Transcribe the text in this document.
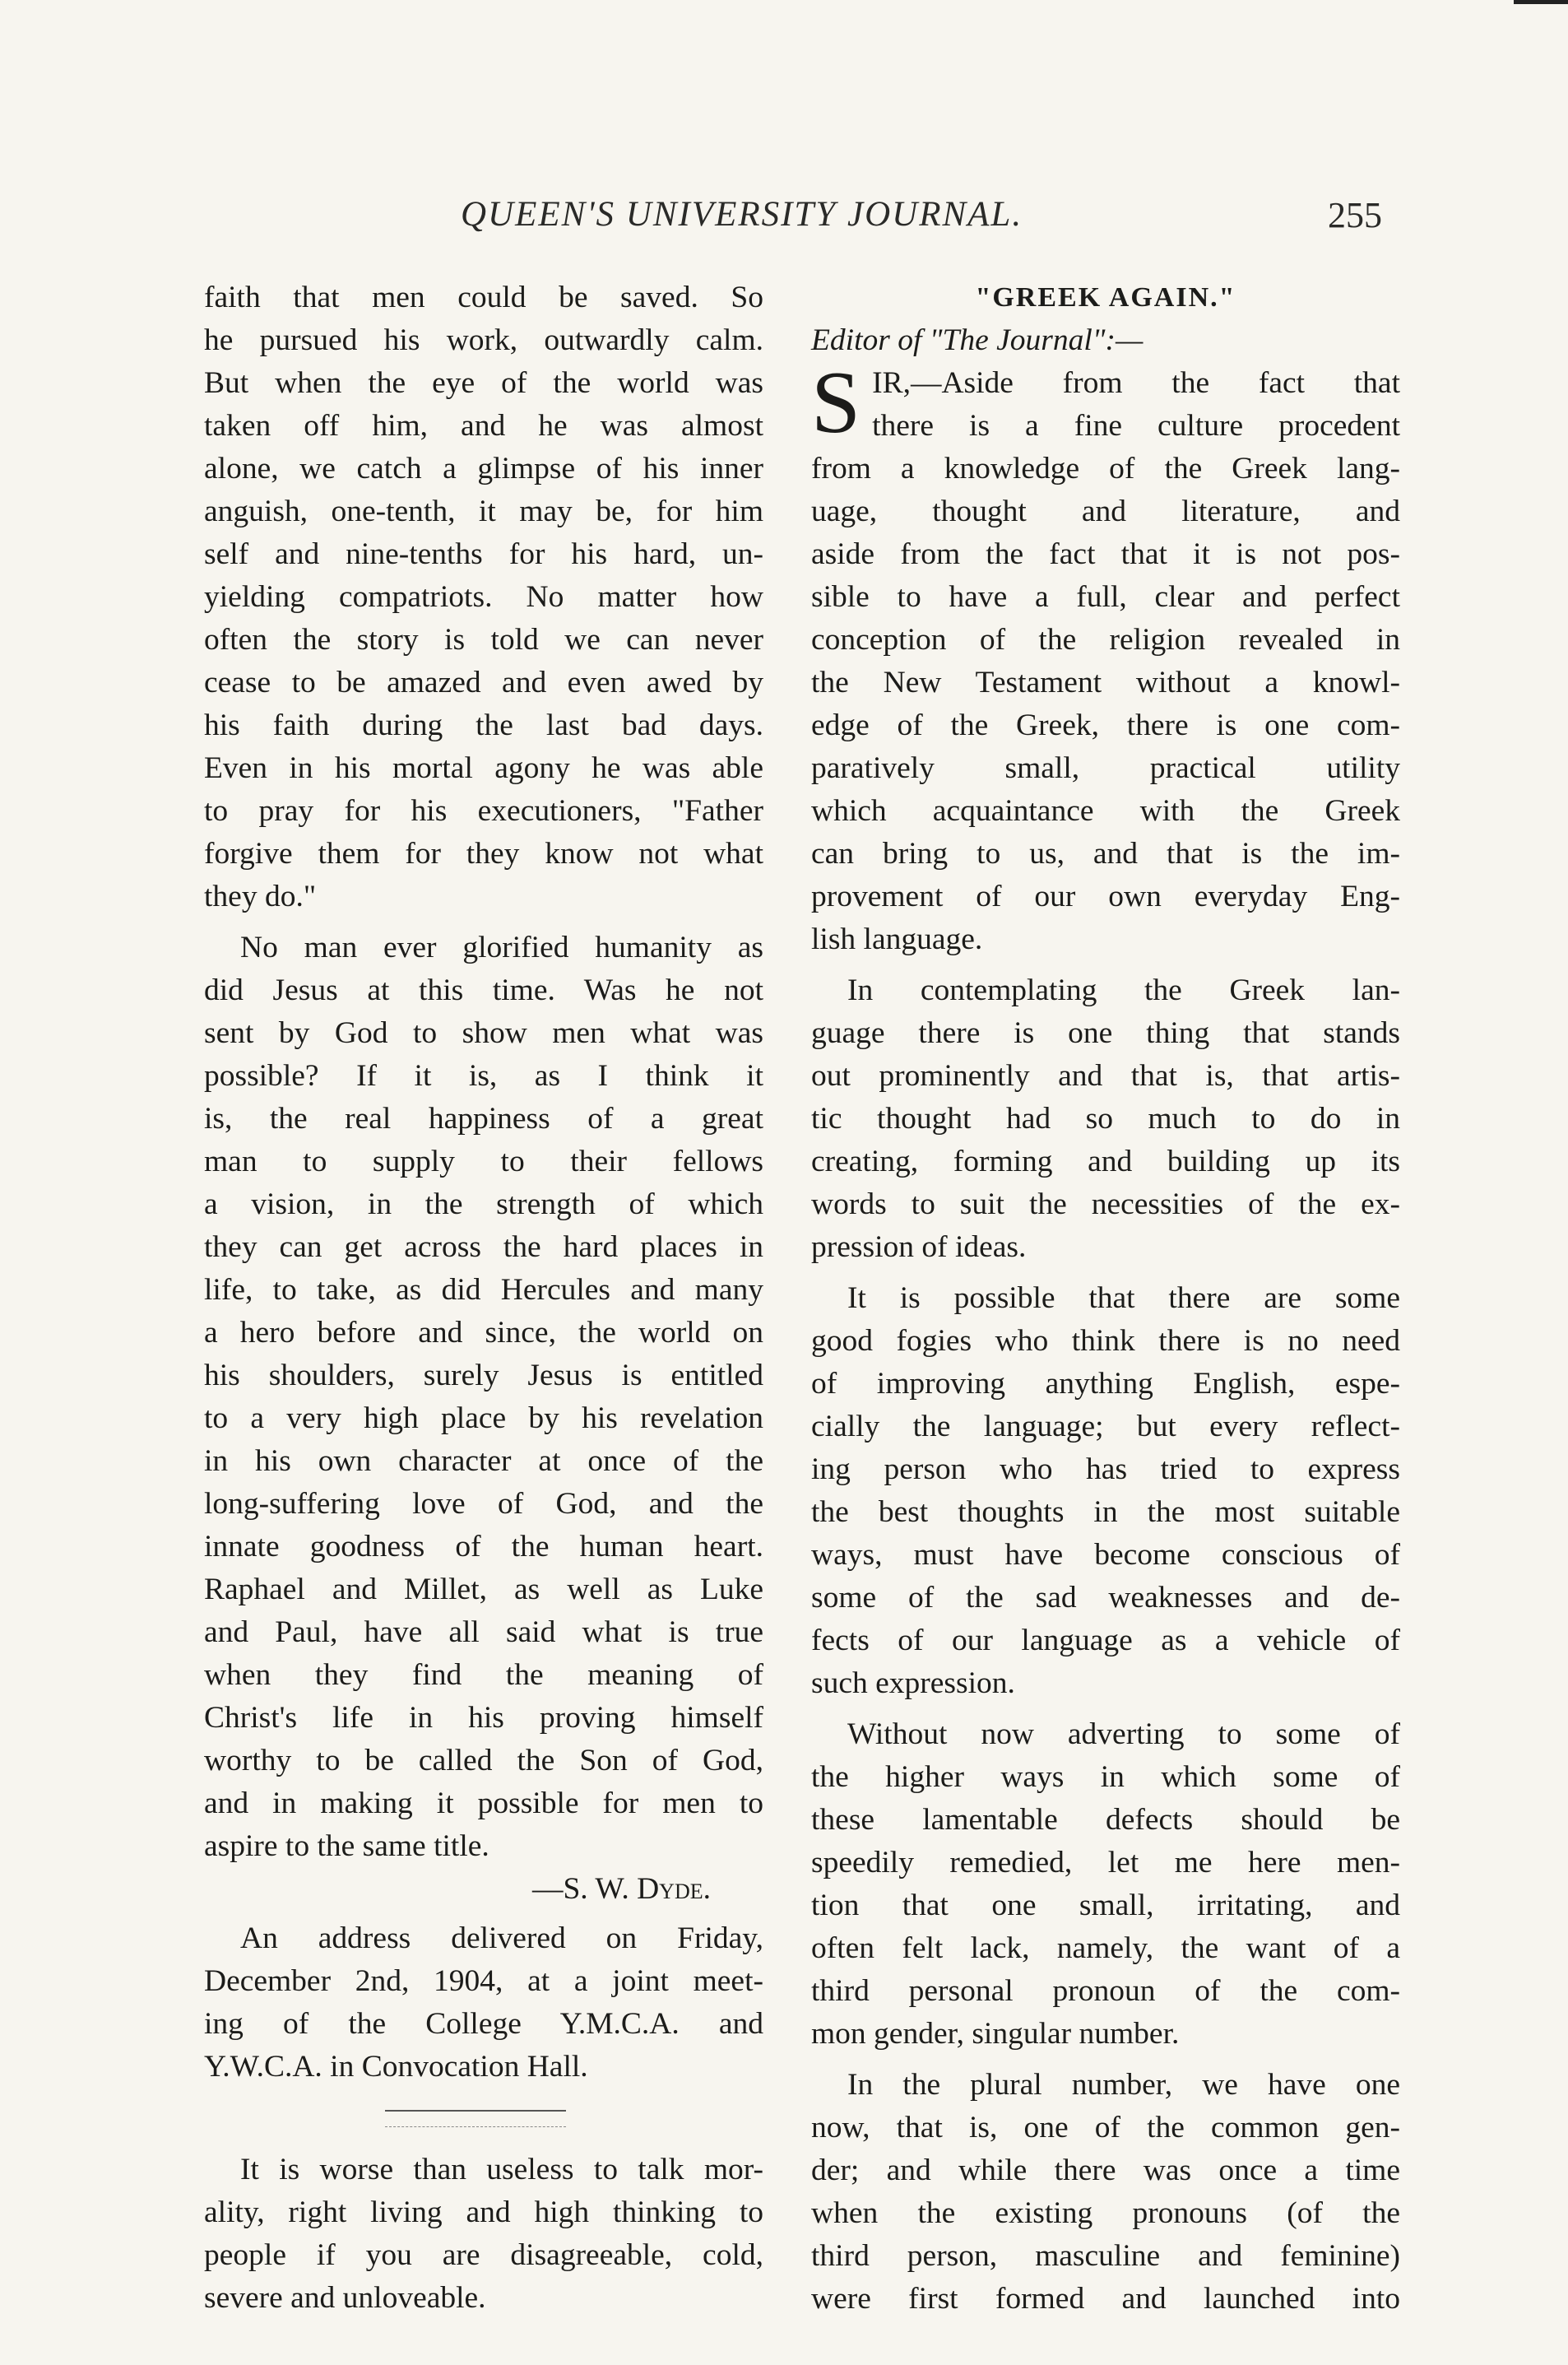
QUEEN'S UNIVERSITY JOURNAL.	255
faith that men could be saved. So
he pursued his work, outwardly calm.
But when the eye of the world was
taken off him, and he was almost
alone, we catch a glimpse of his inner
anguish, one-tenth, it may be, for him
self and nine-tenths for his hard, un-
yielding compatriots. No matter how
often the story is told we can never
cease to be amazed and even awed by
his faith during the last bad days.
Even in his mortal agony he was able
to pray for his executioners, "Father
forgive them for they know not what
they do."
No man ever glorified humanity as
did Jesus at this time. Was he not
sent by God to show men what was
possible? If it is, as I think it
is, the real happiness of a great
man to supply to their fellows
a vision, in the strength of which
they can get across the hard places in
life, to take, as did Hercules and many
a hero before and since, the world on
his shoulders, surely Jesus is entitled
to a very high place by his revelation
in his own character at once of the
long-suffering love of God, and the
innate goodness of the human heart.
Raphael and Millet, as well as Luke
and Paul, have all said what is true
when they find the meaning of
Christ's life in his proving himself
worthy to be called the Son of God,
and in making it possible for men to
aspire to the same title.
—S. W. Dyde.
An address delivered on Friday,
December 2nd, 1904, at a joint meet-
ing of the College Y.M.C.A. and
Y.W.C.A. in Convocation Hall.
It is worse than useless to talk mor-
ality, right living and high thinking to
people if you are disagreeable, cold,
severe and unloveable.
"GREEK AGAIN."
Editor of "The Journal":—
S IR,—Aside from the fact that
there is a fine culture procedent
from a knowledge of the Greek lang-
uage, thought and literature, and
aside from the fact that it is not pos-
sible to have a full, clear and perfect
conception of the religion revealed in
the New Testament without a knowl-
edge of the Greek, there is one com-
paratively small, practical utility
which acquaintance with the Greek
can bring to us, and that is the im-
provement of our own everyday Eng-
lish language.
In contemplating the Greek lan-
guage there is one thing that stands
out prominently and that is, that artis-
tic thought had so much to do in
creating, forming and building up its
words to suit the necessities of the ex-
pression of ideas.
It is possible that there are some
good fogies who think there is no need
of improving anything English, espe-
cially the language; but every reflect-
ing person who has tried to express
the best thoughts in the most suitable
ways, must have become conscious of
some of the sad weaknesses and de-
fects of our language as a vehicle of
such expression.
Without now adverting to some of
the higher ways in which some of
these lamentable defects should be
speedily remedied, let me here men-
tion that one small, irritating, and
often felt lack, namely, the want of a
third personal pronoun of the com-
mon gender, singular number.
In the plural number, we have one
now, that is, one of the common gen-
der; and while there was once a time
when the existing pronouns (of the
third person, masculine and feminine)
were first formed and launched into
